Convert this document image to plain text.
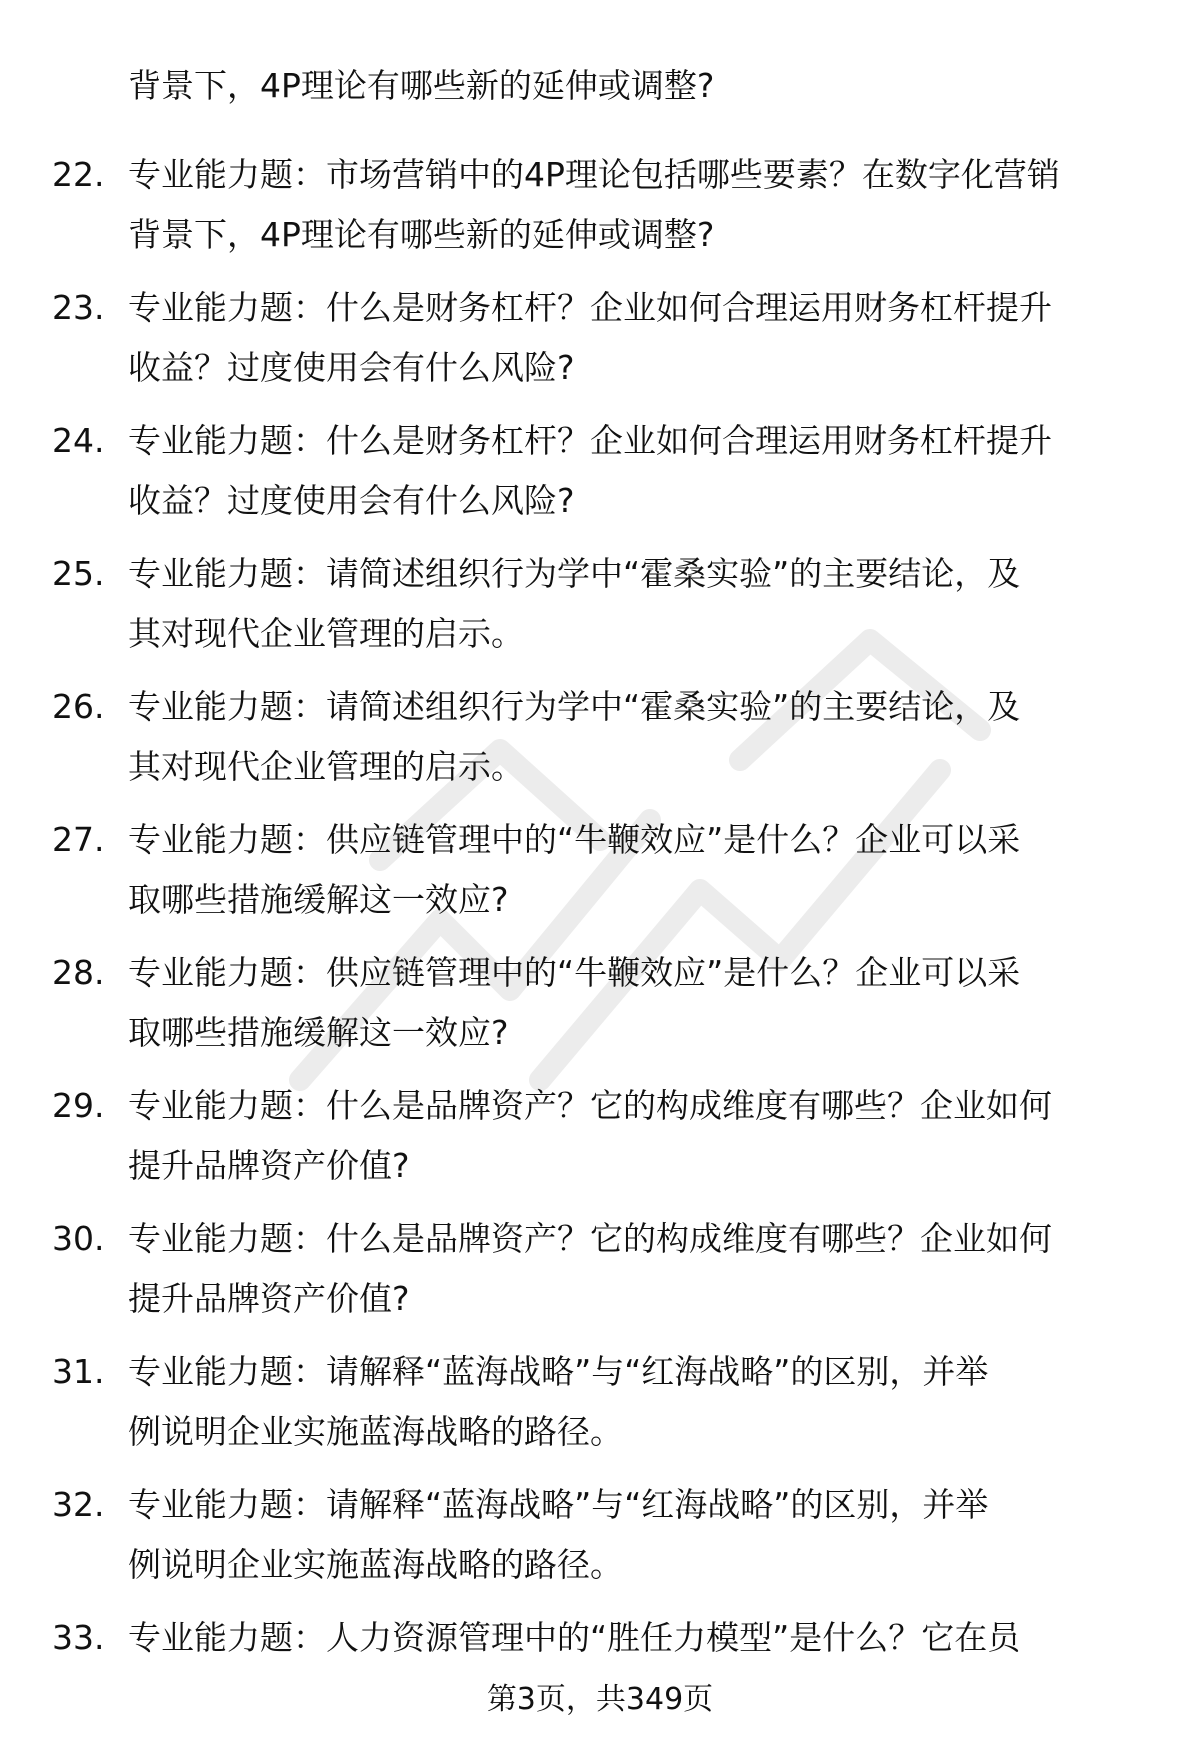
背景下，4P理论有哪些新的延伸或调整?

22. 专业能力题：市场营销中的4P理论包括哪些要素？在数字化营销
背景下，4P理论有哪些新的延伸或调整?
23. 专业能力题：什么是财务杠杆？企业如何合理运用财务杠杆提升
收益？过度使用会有什么风险?
24. 专业能力题：什么是财务杠杆？企业如何合理运用财务杠杆提升
收益？过度使用会有什么风险?
25. 专业能力题：请简述组织行为学中“霍桑实验”的主要结论，及
其对现代企业管理的启示。
26. 专业能力题：请简述组织行为学中“霍桑实验”的主要结论，及
其对现代企业管理的启示。
27. 专业能力题：供应链管理中的“牛鞭效应”是什么？企业可以采
取哪些措施缓解这一效应?
28. 专业能力题：供应链管理中的“牛鞭效应”是什么？企业可以采
取哪些措施缓解这一效应?
29. 专业能力题：什么是品牌资产？它的构成维度有哪些？企业如何
提升品牌资产价值?
30. 专业能力题：什么是品牌资产？它的构成维度有哪些？企业如何
提升品牌资产价值?
31. 专业能力题：请解释“蓝海战略”与“红海战略”的区别，并举
例说明企业实施蓝海战略的路径。
32. 专业能力题：请解释“蓝海战略”与“红海战略”的区别，并举
例说明企业实施蓝海战略的路径。
33. 专业能力题：人力资源管理中的“胜任力模型”是什么？它在员
第3页，共349页
